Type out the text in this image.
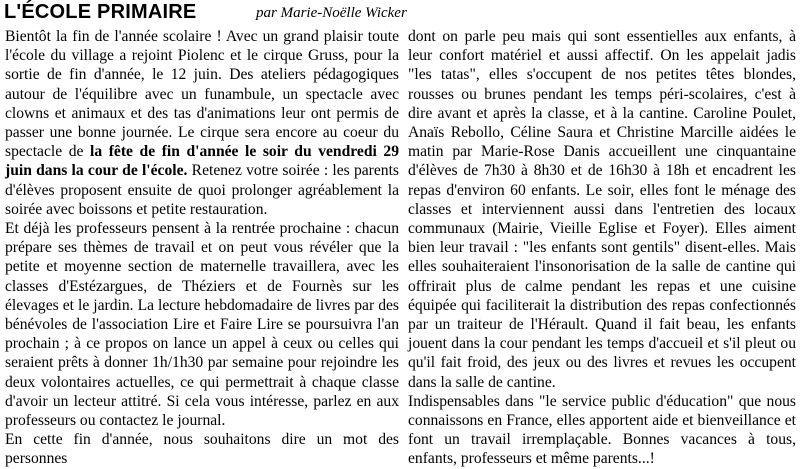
L'ÉCOLE PRIMAIRE	par Marie-Noëlle Wicker

Bientôt la fin de l'année scolaire ! Avec un grand plaisir toute l'école du village a rejoint Piolenc et le cirque Gruss, pour la sortie de fin d'année, le 12 juin. Des ateliers pédagogiques autour de l'équilibre avec un funambule, un spectacle avec clowns et animaux et des tas d'animations leur ont permis de passer une bonne journée. Le cirque sera encore au coeur du spectacle de la fête de fin d'année le soir du vendredi 29 juin dans la cour de l'école. Retenez votre soirée : les parents d'élèves proposent ensuite de quoi prolonger agréablement la soirée avec boissons et petite restauration.

Et déjà les professeurs pensent à la rentrée prochaine : chacun prépare ses thèmes de travail et on peut vous révéler que la petite et moyenne section de maternelle travaillera, avec les classes d'Estézargues, de Théziers et de Fournès sur les élevages et le jardin. La lecture hebdomadaire de livres par des bénévoles de l'association Lire et Faire Lire se poursuivra l'an prochain ; à ce propos on lance un appel à ceux ou celles qui seraient prêts à donner 1h/1h30 par semaine pour rejoindre les deux volontaires actuelles, ce qui permettrait à chaque classe d'avoir un lecteur attitré. Si cela vous intéresse, parlez en aux professeurs ou contactez le journal.

En cette fin d'année, nous souhaitons dire un mot des personnes

dont on parle peu mais qui sont essentielles aux enfants, à leur confort matériel et aussi affectif. On les appelait jadis "les tatas", elles s'occupent de nos petites têtes blondes, rousses ou brunes pendant les temps péri-scolaires, c'est à dire avant et après la classe, et à la cantine. Caroline Poulet, Anaïs Rebollo, Céline Saura et Christine Marcille aidées le matin par Marie-Rose Danis accueillent une cinquantaine d'élèves de 7h30 à 8h30 et de 16h30 à 18h et encadrent les repas d'environ 60 enfants. Le soir, elles font le ménage des classes et interviennent aussi dans l'entretien des locaux communaux (Mairie, Vieille Eglise et Foyer). Elles aiment bien leur travail : "les enfants sont gentils" disent-elles. Mais elles souhaiteraient l'insonorisation de la salle de cantine qui offrirait plus de calme pendant les repas et une cuisine équipée qui faciliterait la distribution des repas confectionnés par un traiteur de l'Hérault. Quand il fait beau, les enfants jouent dans la cour pendant les temps d'accueil et s'il pleut ou qu'il fait froid, des jeux ou des livres et revues les occupent dans la salle de cantine.

Indispensables dans "le service public d'éducation" que nous connaissons en France, elles apportent aide et bienveillance et font un travail irremplaçable. Bonnes vacances à tous, enfants, professeurs et même parents...!
